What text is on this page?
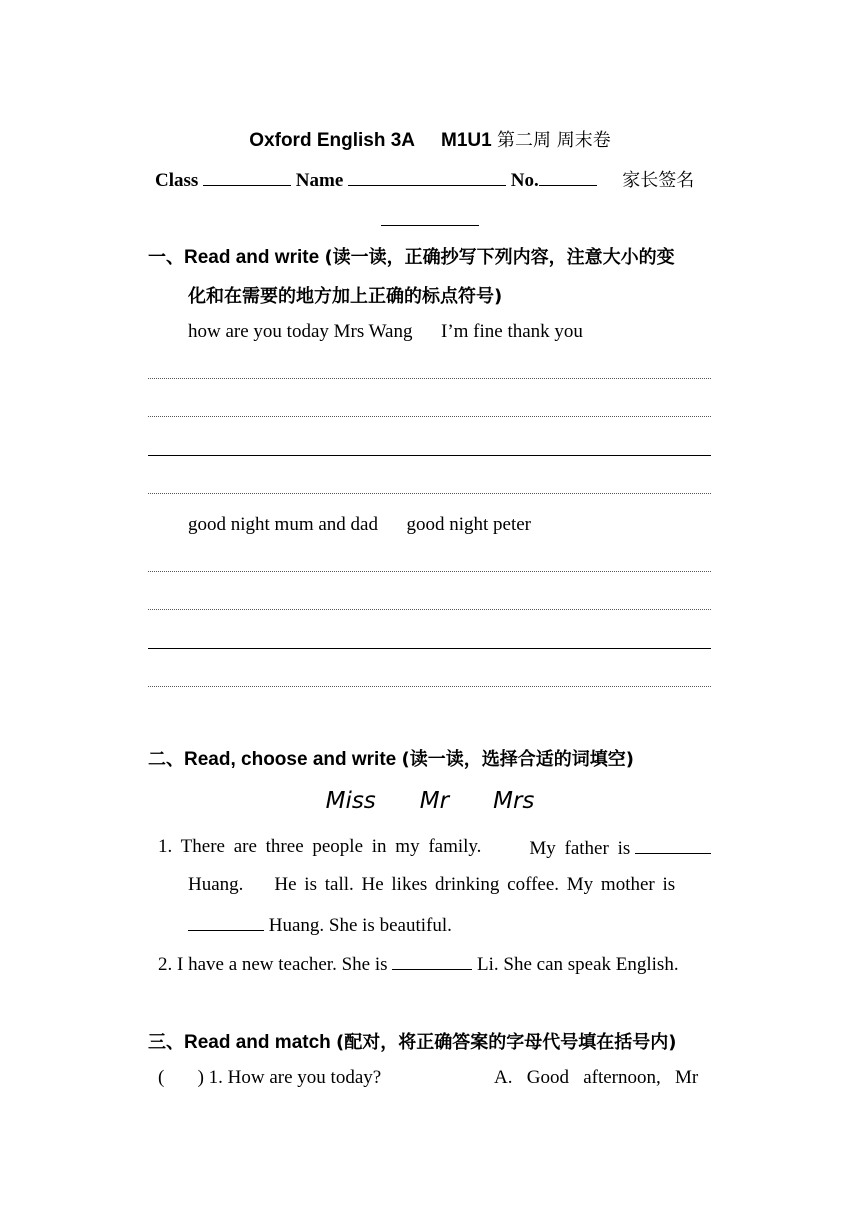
Oxford English 3A M1U1 第二周 周末卷
Class	Name	No.	家长签名
一、Read and write (读一读，正确抄写下列内容，注意大小的变
化和在需要的地方加上正确的标点符号)
how are you today Mrs Wang      I’m fine thank you
good night mum and dad      good night peter
二、Read, choose and write (读一读，选择合适的词填空)
Miss Mr Mrs
1. There are three people in my family.	My father is
Huang.    He is tall. He likes drinking coffee. My mother is
Huang. She is beautiful.
2. I have a new teacher. She is	Li. She can speak English.
三、Read and match (配对，将正确答案的字母代号填在括号内)
(       ) 1. How are you today?	A.   Good   afternoon,   Mr
